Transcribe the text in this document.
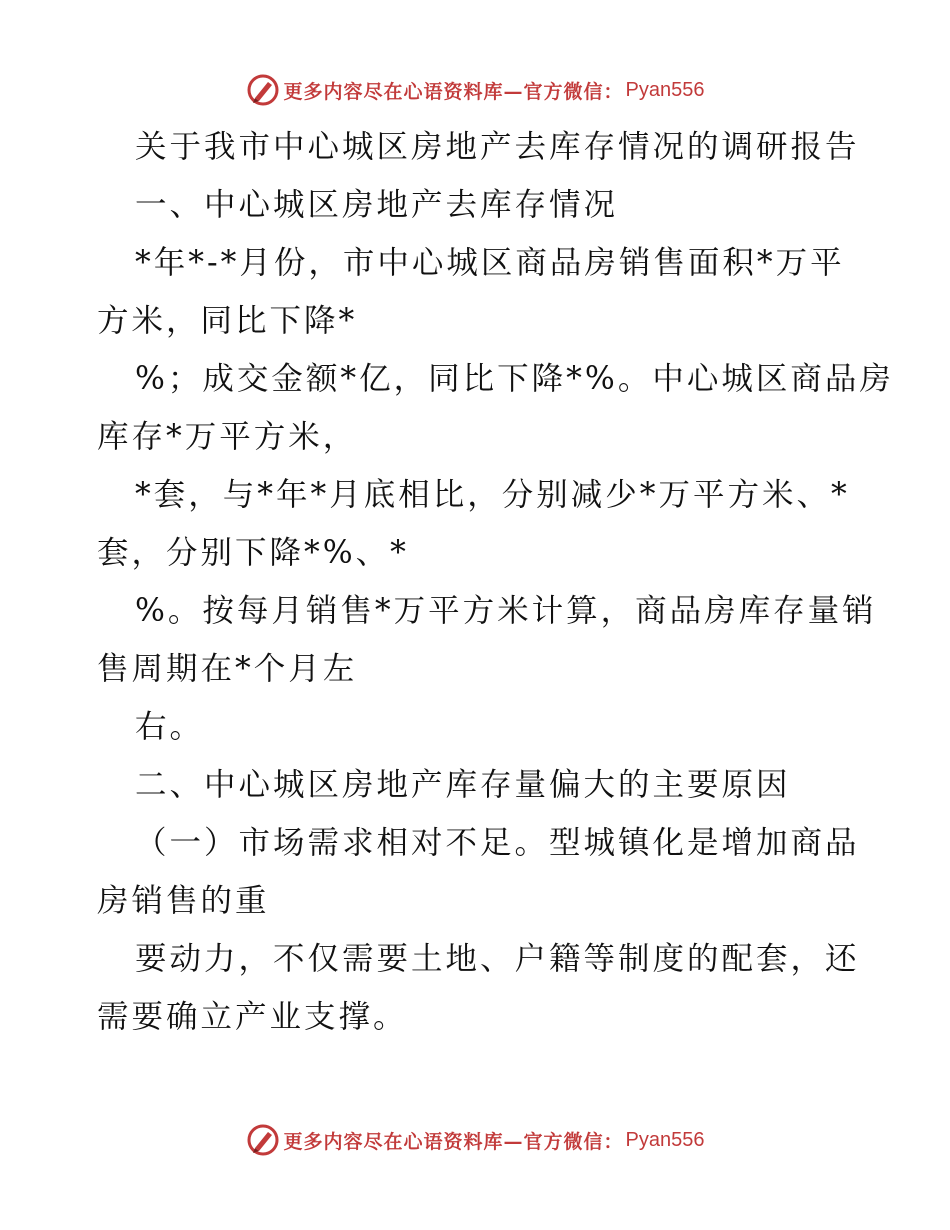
更多内容尽在心语资料库—官方微信： Pyan556
关于我市中心城区房地产去库存情况的调研报告
一、中心城区房地产去库存情况
*年*-*月份，市中心城区商品房销售面积*万平
方米，同比下降*
%；成交金额*亿，同比下降*%。中心城区商品房
库存*万平方米，
*套，与*年*月底相比，分别减少*万平方米、*
套，分别下降*%、*
%。按每月销售*万平方米计算，商品房库存量销
售周期在*个月左
右。
二、中心城区房地产库存量偏大的主要原因
（一）市场需求相对不足。型城镇化是增加商品
房销售的重
要动力，不仅需要土地、户籍等制度的配套，还
需要确立产业支撑。
更多内容尽在心语资料库—官方微信： Pyan556
